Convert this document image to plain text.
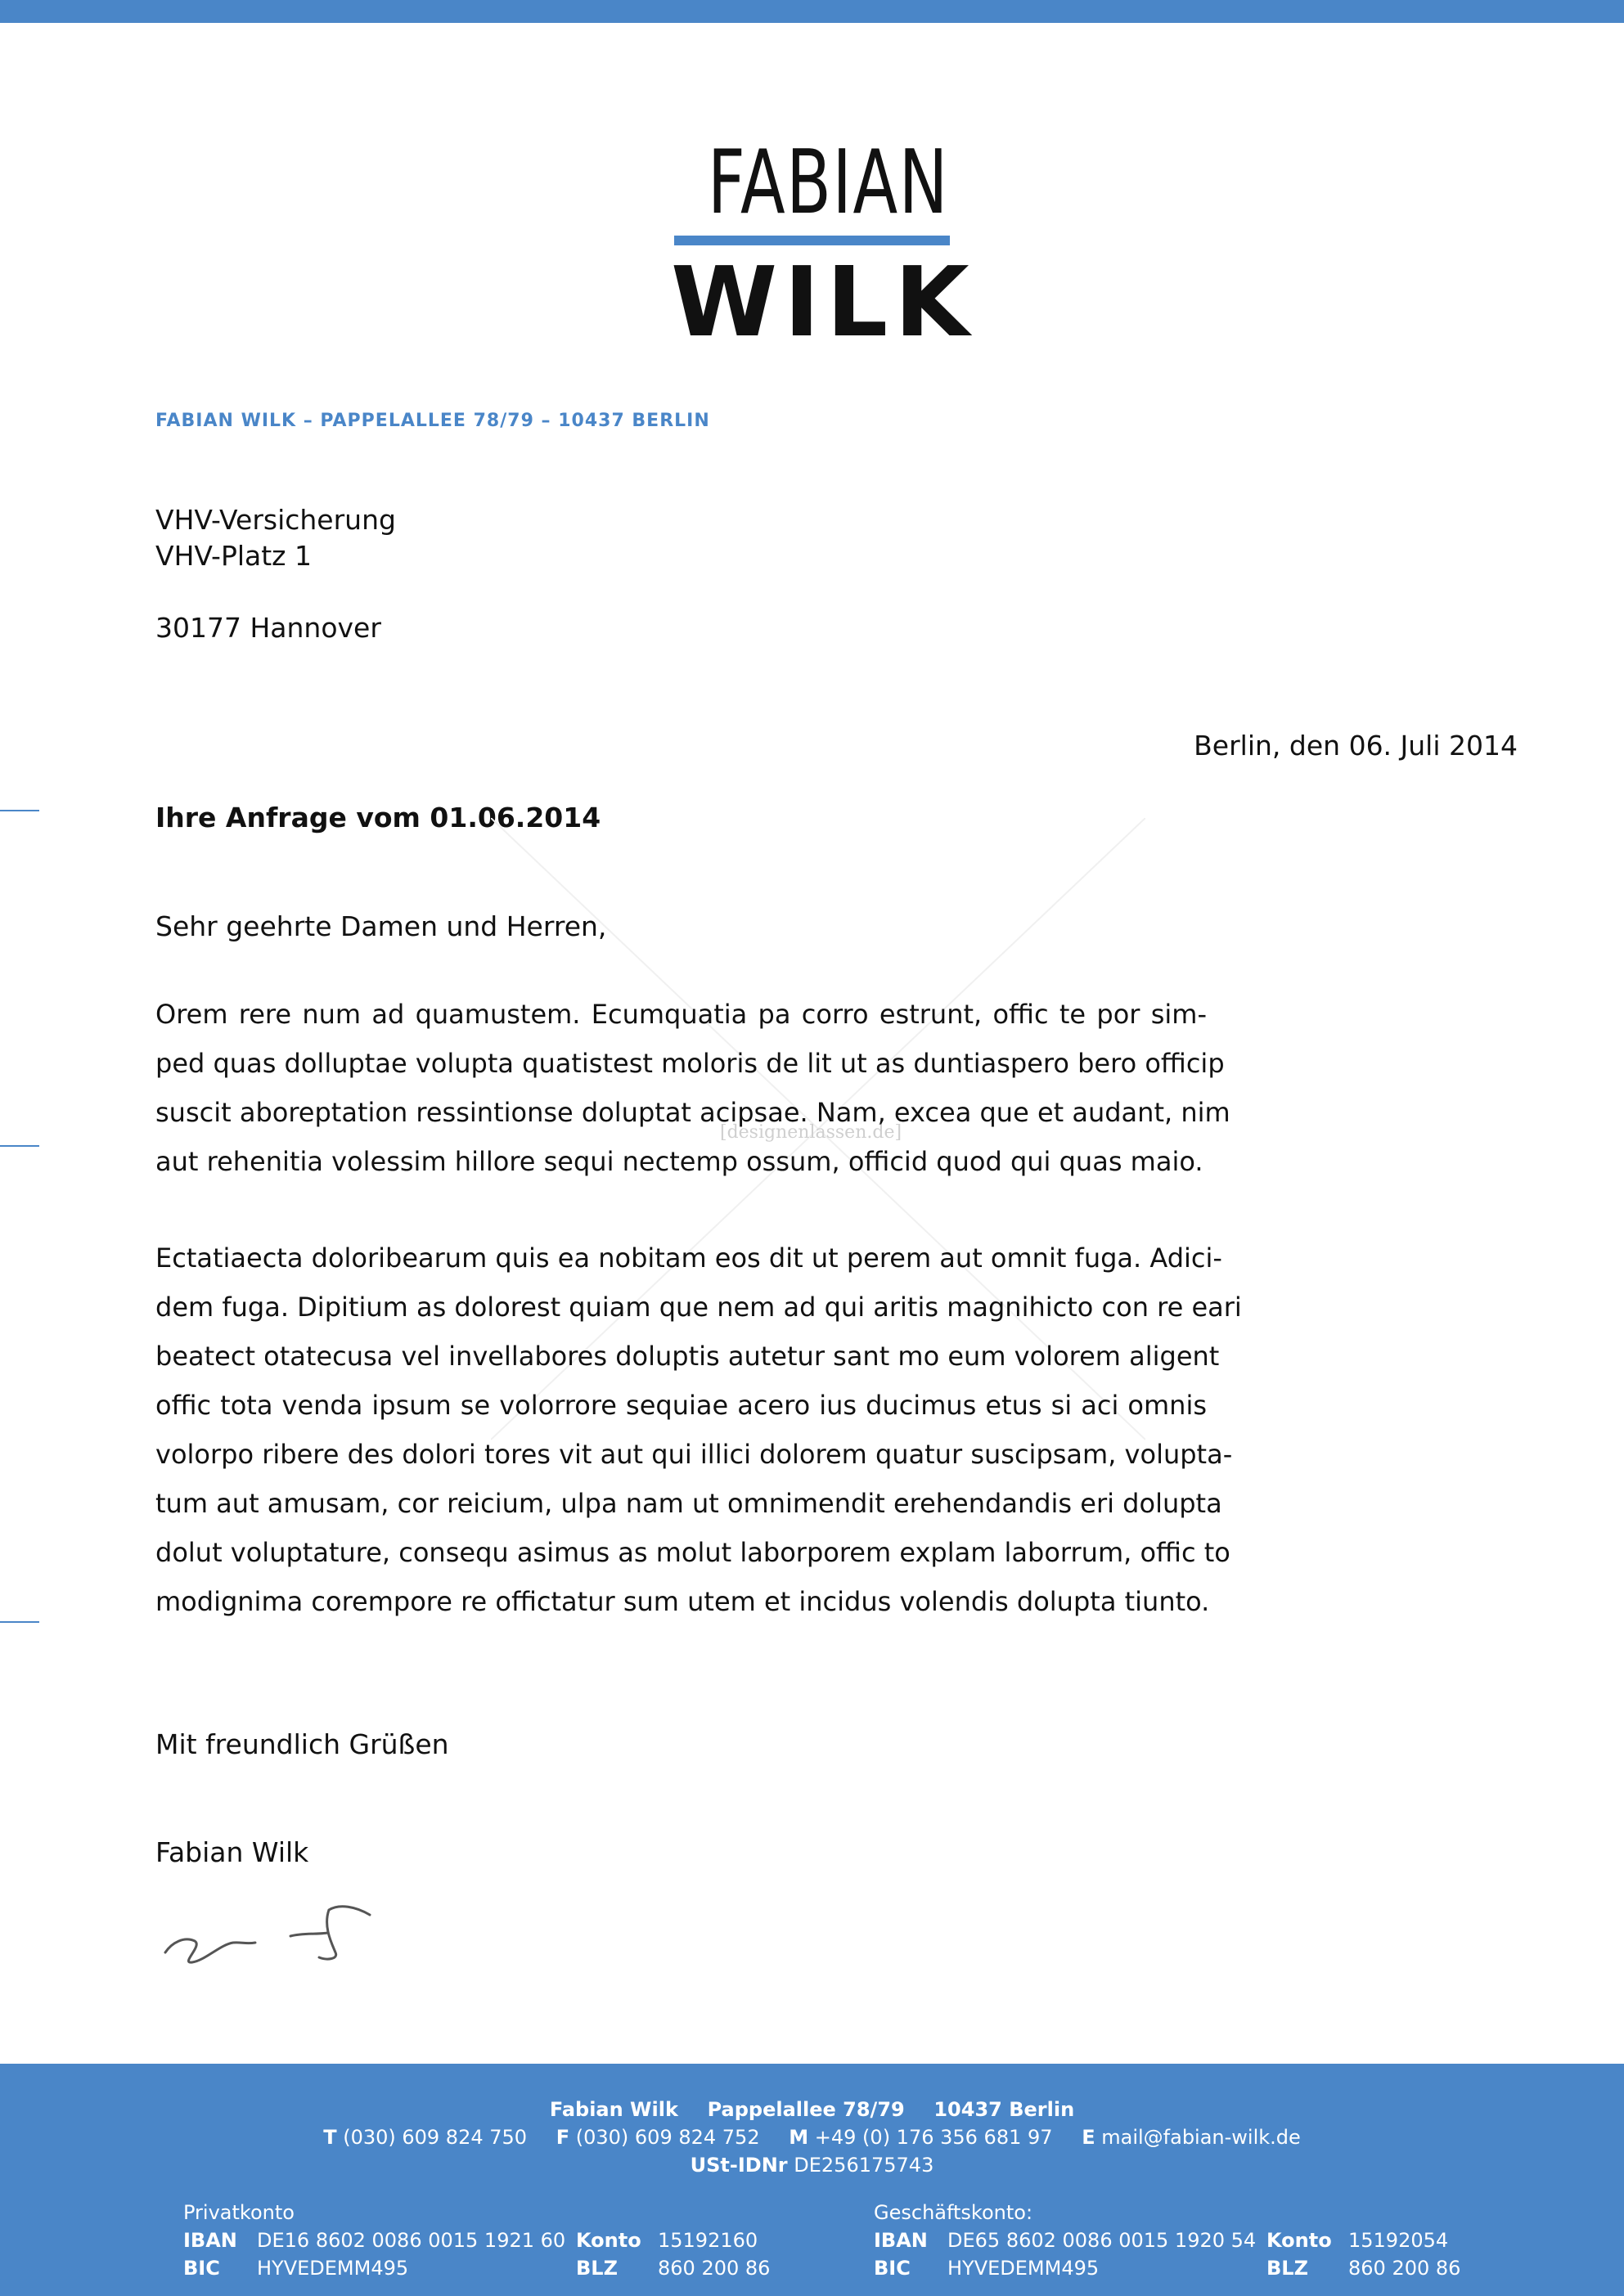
FABIAN
WILK
FABIAN WILK – PAPPELALLEE 78/79 – 10437 BERLIN
VHV-Versicherung
VHV-Platz 1
30177 Hannover
Berlin, den 06. Juli 2014
Ihre Anfrage vom 01.06.2014
[designenlassen.de]
Sehr geehrte Damen und Herren,
Orem rere num ad quamustem. Ecumquatia pa corro estrunt, offic te por sim-
ped quas dolluptae volupta quatistest moloris de lit ut as duntiaspero bero officip
suscit aboreptation ressintionse doluptat acipsae. Nam, excea que et audant, nim
aut rehenitia volessim hillore sequi nectemp ossum, officid quod qui quas maio.
Ectatiaecta doloribearum quis ea nobitam eos dit ut perem aut omnit fuga. Adici-
dem fuga. Dipitium as dolorest quiam que nem ad qui aritis magnihicto con re eari
beatect otatecusa vel invellabores doluptis autetur sant mo eum volorem aligent
offic tota venda ipsum se volorrore sequiae acero ius ducimus etus si aci omnis
volorpo ribere des dolori tores vit aut qui illici dolorem quatur suscipsam, volupta-
tum aut amusam, cor reicium, ulpa nam ut omnimendit erehendandis eri dolupta
dolut voluptature, consequ asimus as molut laborporem explam laborrum, offic to
modignima corempore re offictatur sum utem et incidus volendis dolupta tiunto.
Mit freundlich Grüßen
Fabian Wilk
Fabian Wilk Pappelallee 78/79 10437 Berlin
T (030) 609 824 750 F (030) 609 824 752 M +49 (0) 176 356 681 97 E mail@fabian-wilk.de
USt-IDNr DE256175743
Privatkonto
IBAN DE16 8602 0086 0015 1921 60 Konto 15192160
BIC HYVEDEMM495	BLZ 860 200 86
Geschäftskonto:
IBAN DE65 8602 0086 0015 1920 54 Konto 15192054
BIC HYVEDEMM495	BLZ 860 200 86
